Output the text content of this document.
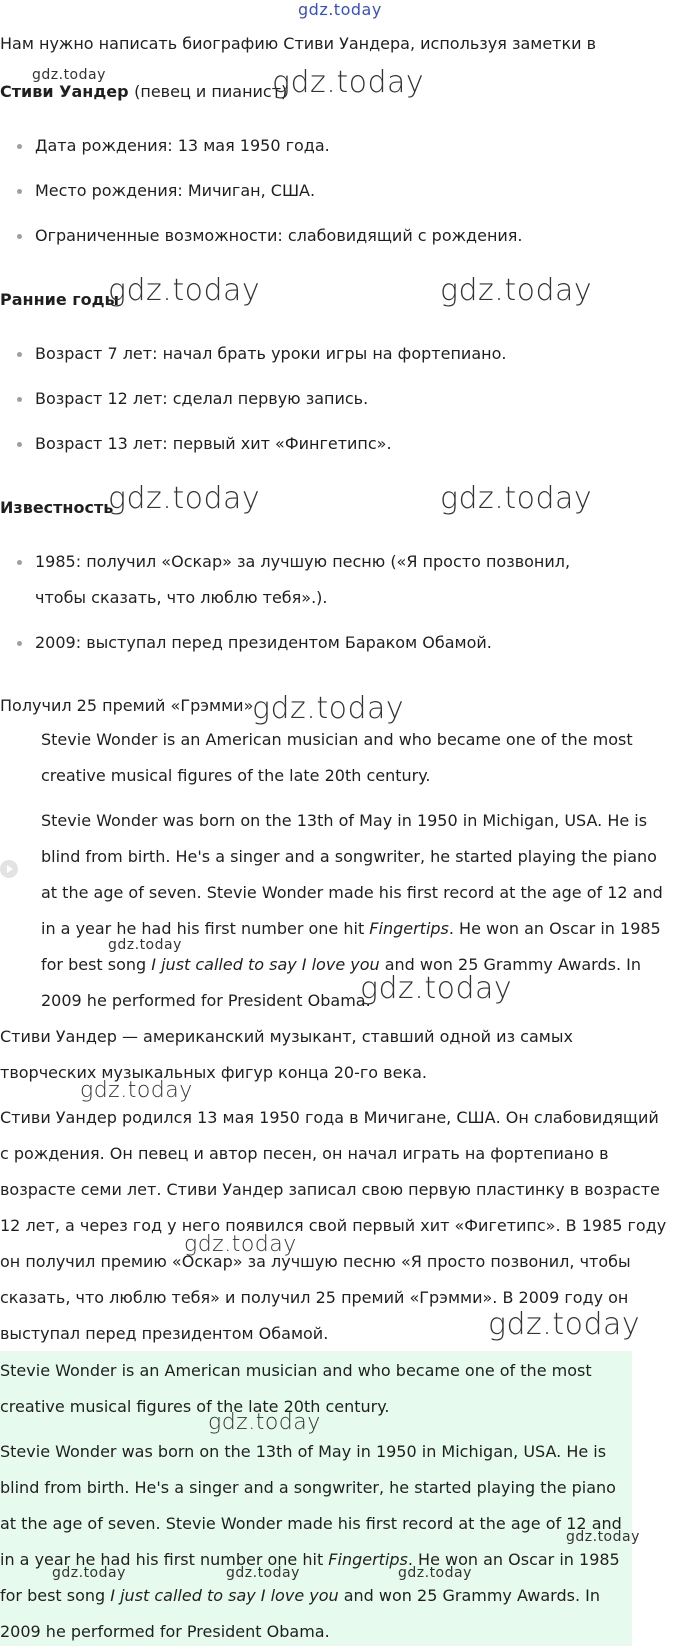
gdz.today

Нам нужно написать биографию Стиви Уандера, используя заметки в

gdz.today

Стиви Уандер (певец и пианист)

gdz.today
Дата рождения: 13 мая 1950 года.
Место рождения: Мичиган, США.
Ограниченные возможности: слабовидящий с рождения.

Ранние годы

gdz.today	gdz.today
Возраст 7 лет: начал брать уроки игры на фортепиано.
Возраст 12 лет: сделал первую запись.
Возраст 13 лет: первый хит «Фингетипс».

Известность

gdz.today	gdz.today
1985: получил «Оскар» за лучшую песню («Я просто позвонил, чтобы сказать, что люблю тебя».).
2009: выступал перед президентом Бараком Обамой.

Получил 25 премий «Грэмми»

gdz.today

Stevie Wonder is an American musician and who became one of the most creative musical figures of the late 20th century.

Stevie Wonder was born on the 13th of May in 1950 in Michigan, USA. He is blind from birth. He's a singer and a songwriter, he started playing the piano at the age of seven. Stevie Wonder made his first record at the age of 12 and in a year he had his first number one hit Fingertips. He won an Oscar in 1985 for best song I just called to say I love you and won 25 Grammy Awards. In 2009 he performed for President Obama.

gdz.today
gdz.today

Стиви Уандер — американский музыкант, ставший одной из самых творческих музыкальных фигур конца 20-го века.

gdz.today

Стиви Уандер родился 13 мая 1950 года в Мичигане, США. Он слабовидящий с рождения. Он певец и автор песен, он начал играть на фортепиано в возрасте семи лет. Стиви Уандер записал свою первую пластинку в возрасте 12 лет, а через год у него появился свой первый хит «Фигетипс». В 1985 году он получил премию «Оскар» за лучшую песню «Я просто позвонил, чтобы сказать, что люблю тебя» и получил 25 премий «Грэмми». В 2009 году он выступал перед президентом Обамой.

gdz.today
gdz.today

Stevie Wonder is an American musician and who became one of the most creative musical figures of the late 20th century.

gdz.today

Stevie Wonder was born on the 13th of May in 1950 in Michigan, USA. He is blind from birth. He's a singer and a songwriter, he started playing the piano at the age of seven. Stevie Wonder made his first record at the age of 12 and in a year he had his first number one hit Fingertips. He won an Oscar in 1985 for best song I just called to say I love you and won 25 Grammy Awards. In 2009 he performed for President Obama.

gdz.today
gdz.today	gdz.today	gdz.today
